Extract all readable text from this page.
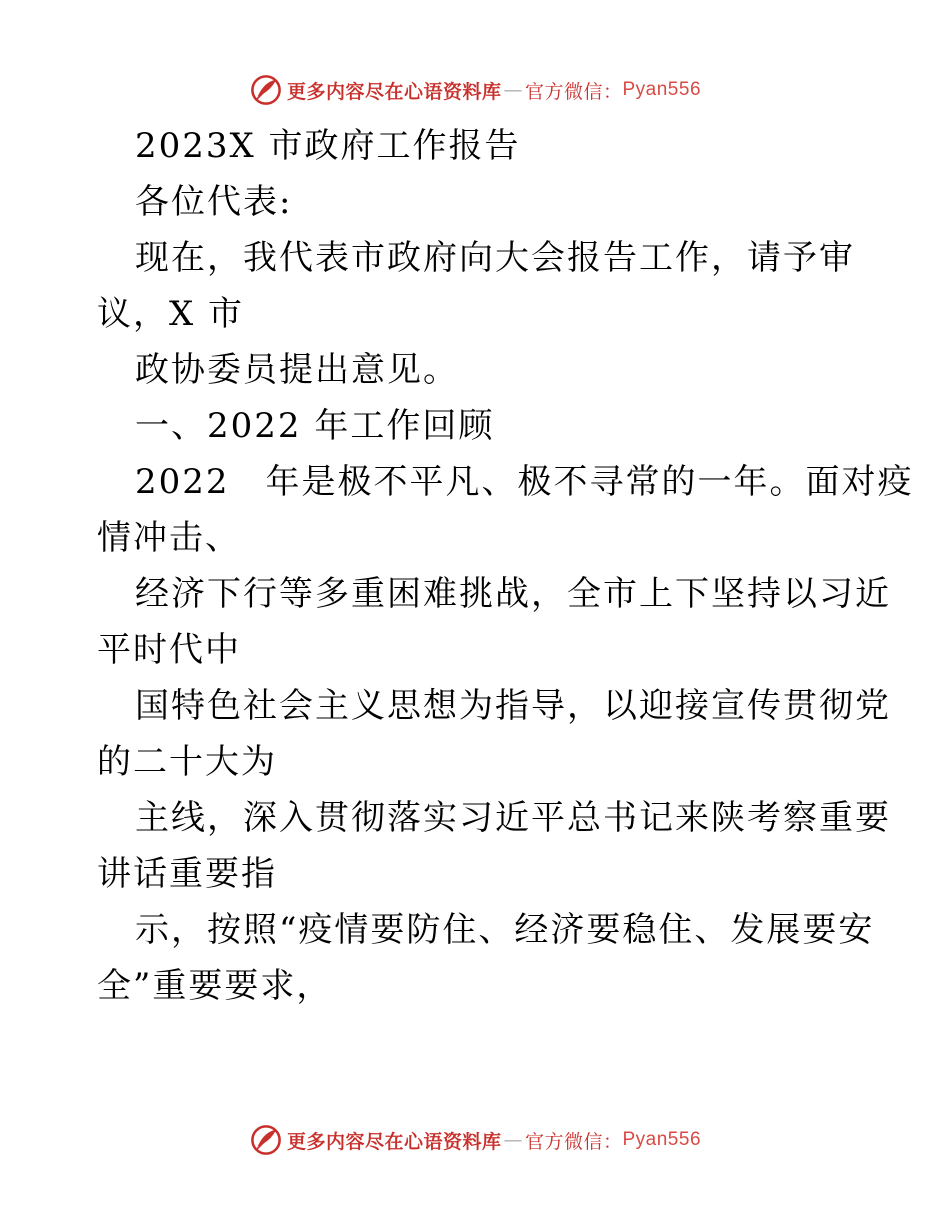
更多内容尽在心语资料库 — 官方微信： Pyan556
2023X 市政府工作报告
各位代表:
现在，我代表市政府向大会报告工作，请予审
议，X 市
政协委员提出意见。
一、2022 年工作回顾
2022　年是极不平凡、极不寻常的一年。面对疫
情冲击、
经济下行等多重困难挑战，全市上下坚持以习近
平时代中
国特色社会主义思想为指导，以迎接宣传贯彻党
的二十大为
主线，深入贯彻落实习近平总书记来陕考察重要
讲话重要指
示，按照“疫情要防住、经济要稳住、发展要安
全”重要要求，
更多内容尽在心语资料库 — 官方微信： Pyan556
